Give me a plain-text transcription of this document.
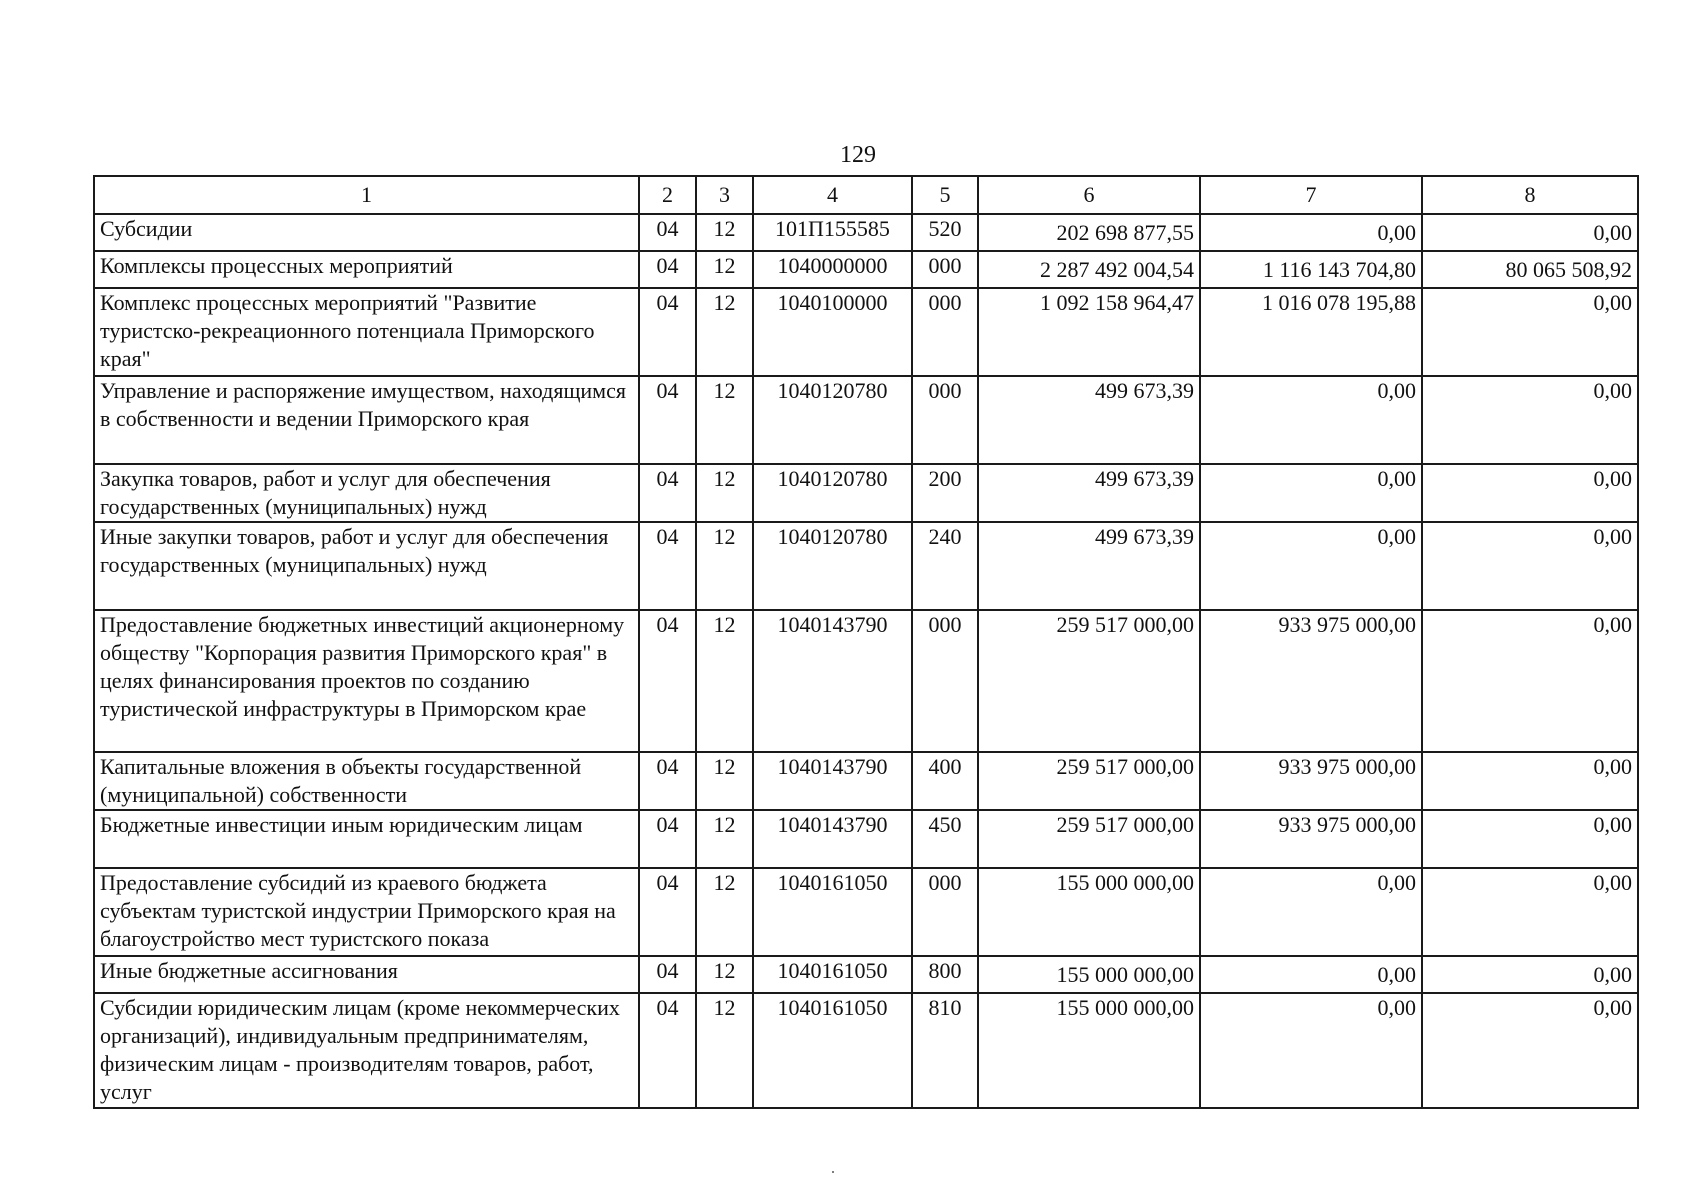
129
1	2	3	4	5	6	7	8
Субсидии	04	12	101П155585	520	202 698 877,55	0,00	0,00
Комплексы процессных мероприятий	04	12	1040000000	000	2 287 492 004,54	1 116 143 704,80	80 065 508,92
Комплекс процессных мероприятий "Развитие туристско-рекреационного потенциала Приморского края"	04	12	1040100000	000	1 092 158 964,47	1 016 078 195,88	0,00
Управление и распоряжение имуществом, находящимся в собственности и ведении Приморского края	04	12	1040120780	000	499 673,39	0,00	0,00
Закупка товаров, работ и услуг для обеспечения государственных (муниципальных) нужд	04	12	1040120780	200	499 673,39	0,00	0,00
Иные закупки товаров, работ и услуг для обеспечения государственных (муниципальных) нужд	04	12	1040120780	240	499 673,39	0,00	0,00
Предоставление бюджетных инвестиций акционерному обществу "Корпорация развития Приморского края" в целях финансирования проектов по созданию туристической инфраструктуры в Приморском крае	04	12	1040143790	000	259 517 000,00	933 975 000,00	0,00
Капитальные вложения в объекты государственной (муниципальной) собственности	04	12	1040143790	400	259 517 000,00	933 975 000,00	0,00
Бюджетные инвестиции иным юридическим лицам	04	12	1040143790	450	259 517 000,00	933 975 000,00	0,00
Предоставление субсидий из краевого бюджета субъектам туристской индустрии Приморского края на благоустройство мест туристского показа	04	12	1040161050	000	155 000 000,00	0,00	0,00
Иные бюджетные ассигнования	04	12	1040161050	800	155 000 000,00	0,00	0,00
Субсидии юридическим лицам (кроме некоммерческих организаций), индивидуальным предпринимателям, физическим лицам - производителям товаров, работ, услуг	04	12	1040161050	810	155 000 000,00	0,00	0,00
